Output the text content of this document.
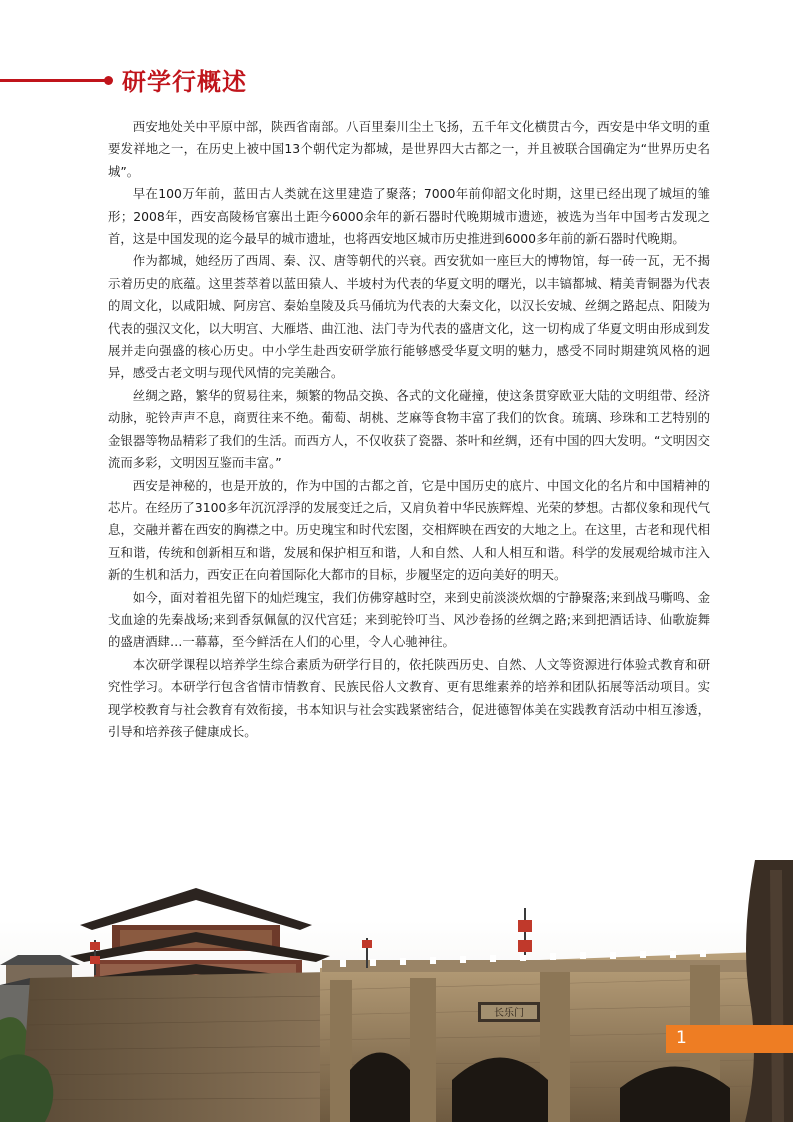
研学行概述

西安地处关中平原中部，陕西省南部。八百里秦川尘土飞扬，五千年文化横贯古今，西安是中华文明的重要发祥地之一，在历史上被中国13个朝代定为都城，是世界四大古都之一，并且被联合国确定为“世界历史名城”。

早在100万年前，蓝田古人类就在这里建造了聚落；7000年前仰韶文化时期，这里已经出现了城垣的雏形；2008年，西安高陵杨官寨出土距今6000余年的新石器时代晚期城市遗迹，被选为当年中国考古发现之首，这是中国发现的迄今最早的城市遗址，也将西安地区城市历史推进到6000多年前的新石器时代晚期。

作为都城，她经历了西周、秦、汉、唐等朝代的兴衰。西安犹如一座巨大的博物馆，每一砖一瓦，无不揭示着历史的底蕴。这里荟萃着以蓝田猿人、半坡村为代表的华夏文明的曙光，以丰镐都城、精美青铜器为代表的周文化，以咸阳城、阿房宫、秦始皇陵及兵马俑坑为代表的大秦文化，以汉长安城、丝绸之路起点、阳陵为代表的强汉文化，以大明宫、大雁塔、曲江池、法门寺为代表的盛唐文化，这一切构成了华夏文明由形成到发展并走向强盛的核心历史。中小学生赴西安研学旅行能够感受华夏文明的魅力，感受不同时期建筑风格的迥异，感受古老文明与现代风情的完美融合。

丝绸之路，繁华的贸易往来，频繁的物品交换、各式的文化碰撞，使这条贯穿欧亚大陆的文明组带、经济动脉，驼铃声声不息，商贾往来不绝。葡萄、胡桃、芝麻等食物丰富了我们的饮食。琉璃、珍珠和工艺特别的金银器等物品精彩了我们的生活。而西方人，不仅收获了瓷器、茶叶和丝绸，还有中国的四大发明。“文明因交流而多彩，文明因互鉴而丰富。”

西安是神秘的，也是开放的，作为中国的古都之首，它是中国历史的底片、中国文化的名片和中国精神的芯片。在经历了3100多年沉沉浮浮的发展变迁之后，又肩负着中华民族辉煌、光荣的梦想。古都仪象和现代气息，交融并蓄在西安的胸襟之中。历史瑰宝和时代宏图，交相辉映在西安的大地之上。在这里，古老和现代相互和谐，传统和创新相互和谐，发展和保护相互和谐，人和自然、人和人相互和谐。科学的发展观给城市注入新的生机和活力，西安正在向着国际化大都市的目标，步履坚定的迈向美好的明天。

如今，面对着祖先留下的灿烂瑰宝，我们仿佛穿越时空，来到史前淡淡炊烟的宁静聚落;来到战马嘶鸣、金戈血途的先秦战场;来到香氛佩氤的汉代宫廷；来到驼铃叮当、风沙卷扬的丝绸之路;来到把酒话诗、仙歌旋舞的盛唐酒肆…一幕幕，至今鲜活在人们的心里，令人心驰神往。

本次研学课程以培养学生综合素质为研学行目的，依托陕西历史、自然、人文等资源进行体验式教育和研究性学习。本研学行包含省情市情教育、民族民俗人文教育、更有思维素养的培养和团队拓展等活动项目。实现学校教育与社会教育有效衔接，书本知识与社会实践紧密结合，促进德智体美在实践教育活动中相互渗透，引导和培养孩子健康成长。

长乐门
1
